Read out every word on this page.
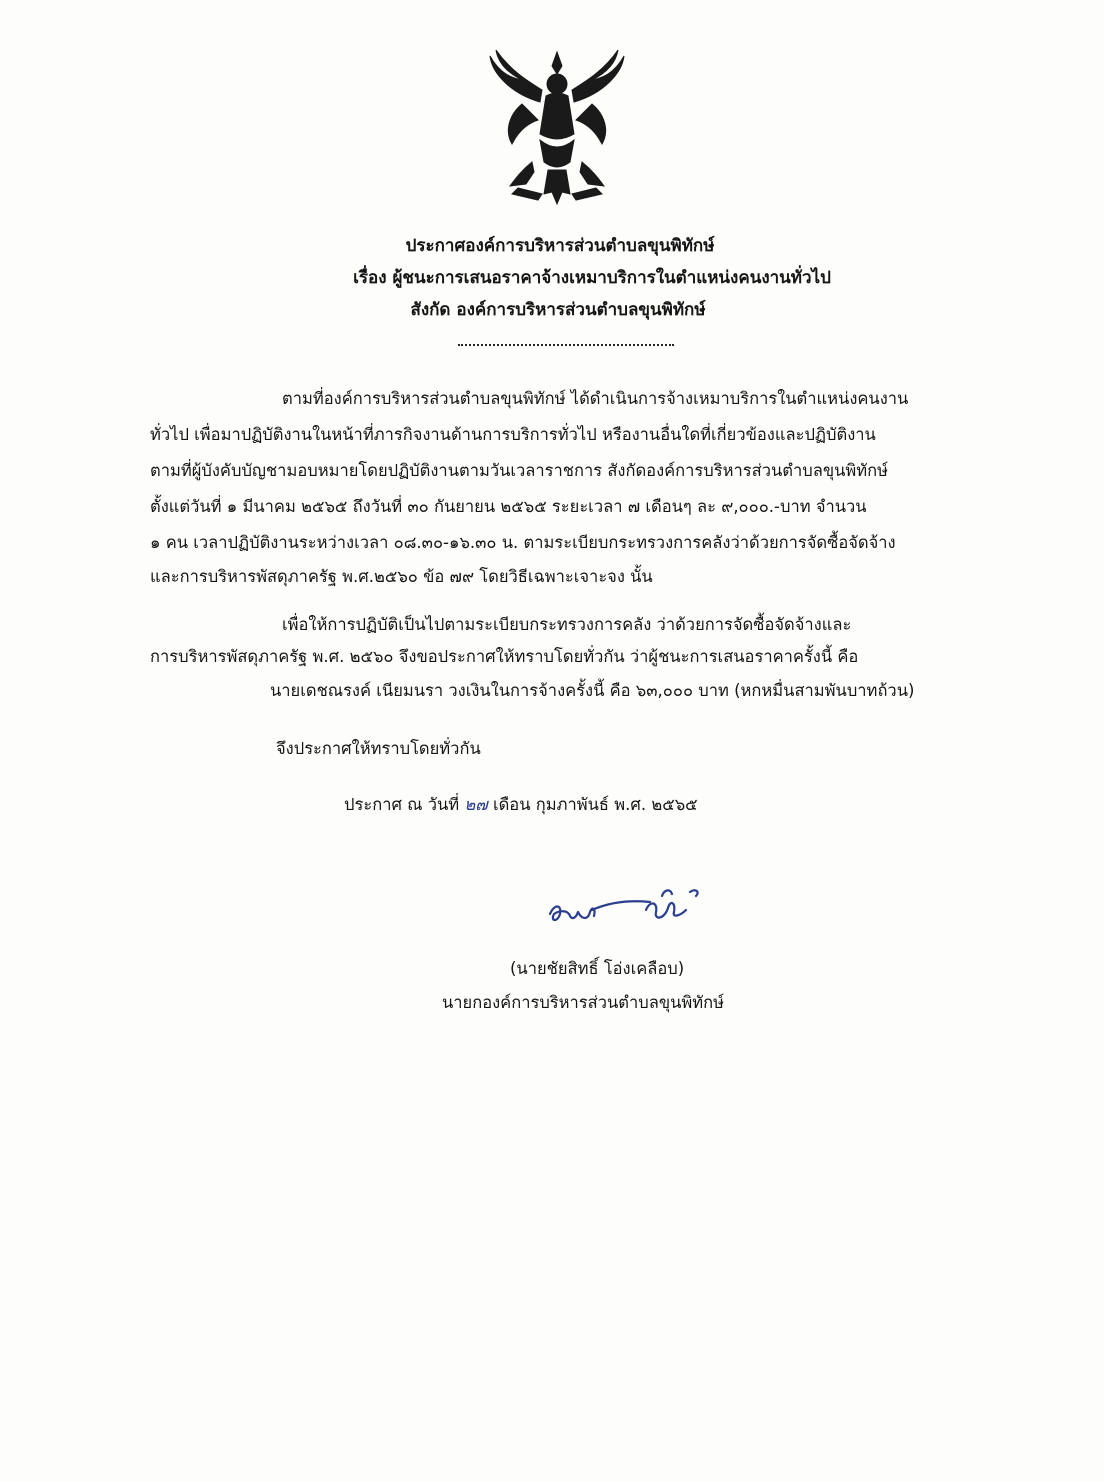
ประกาศองค์การบริหารส่วนตำบลขุนพิทักษ์
เรื่อง ผู้ชนะการเสนอราคาจ้างเหมาบริการในตำแหน่งคนงานทั่วไป
สังกัด องค์การบริหารส่วนตำบลขุนพิทักษ์
ตามที่องค์การบริหารส่วนตำบลขุนพิทักษ์ ได้ดำเนินการจ้างเหมาบริการในตำแหน่งคนงาน
ทั่วไป เพื่อมาปฏิบัติงานในหน้าที่ภารกิจงานด้านการบริการทั่วไป หรืองานอื่นใดที่เกี่ยวข้องและปฏิบัติงาน
ตามที่ผู้บังคับบัญชามอบหมายโดยปฏิบัติงานตามวันเวลาราชการ สังกัดองค์การบริหารส่วนตำบลขุนพิทักษ์
ตั้งแต่วันที่ ๑ มีนาคม ๒๕๖๕ ถึงวันที่ ๓๐ กันยายน ๒๕๖๕ ระยะเวลา ๗ เดือนๆ ละ ๙,๐๐๐.-บาท จำนวน
๑ คน เวลาปฏิบัติงานระหว่างเวลา ๐๘.๓๐-๑๖.๓๐ น. ตามระเบียบกระทรวงการคลังว่าด้วยการจัดซื้อจัดจ้าง
และการบริหารพัสดุภาครัฐ พ.ศ.๒๕๖๐ ข้อ ๗๙ โดยวิธีเฉพาะเจาะจง นั้น
เพื่อให้การปฏิบัติเป็นไปตามระเบียบกระทรวงการคลัง ว่าด้วยการจัดซื้อจัดจ้างและ
การบริหารพัสดุภาครัฐ พ.ศ. ๒๕๖๐ จึงขอประกาศให้ทราบโดยทั่วกัน ว่าผู้ชนะการเสนอราคาครั้งนี้ คือ
นายเดชณรงค์ เนียมนรา วงเงินในการจ้างครั้งนี้ คือ ๖๓,๐๐๐ บาท (หกหมื่นสามพันบาทถ้วน)
จึงประกาศให้ทราบโดยทั่วกัน
ประกาศ ณ วันที่ ๒๗ เดือน กุมภาพันธ์ พ.ศ. ๒๕๖๕
(นายชัยสิทธิ์ โอ่งเคลือบ)
นายกองค์การบริหารส่วนตำบลขุนพิทักษ์
